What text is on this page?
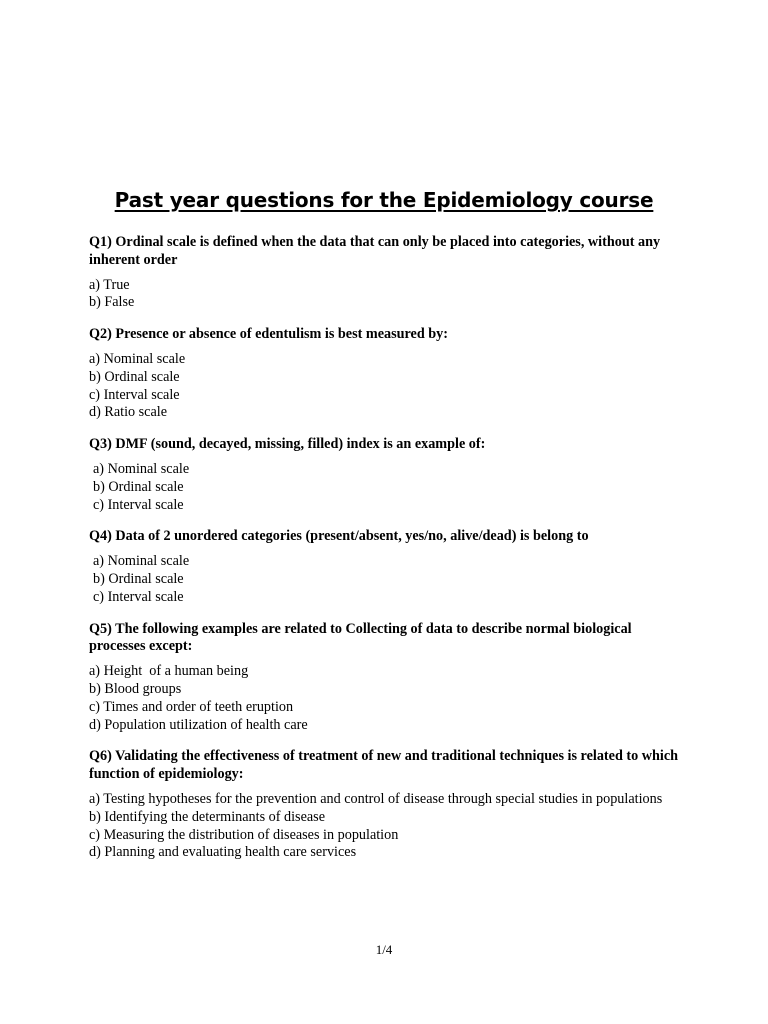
Past year questions for the Epidemiology course
Q1) Ordinal scale is defined when the data that can only be placed into categories, without any inherent order
a) True
b) False
Q2) Presence or absence of edentulism is best measured by:
a) Nominal scale
b) Ordinal scale
c) Interval scale
d) Ratio scale
Q3) DMF (sound, decayed, missing, filled) index is an example of:
a) Nominal scale
b) Ordinal scale
c) Interval scale
Q4) Data of 2 unordered categories (present/absent, yes/no, alive/dead) is belong to
a) Nominal scale
b) Ordinal scale
c) Interval scale
Q5) The following examples are related to Collecting of data to describe normal biological processes except:
a) Height  of a human being
b) Blood groups
c) Times and order of teeth eruption
d) Population utilization of health care
Q6) Validating the effectiveness of treatment of new and traditional techniques is related to which function of epidemiology:
a) Testing hypotheses for the prevention and control of disease through special studies in populations
b) Identifying the determinants of disease
c) Measuring the distribution of diseases in population
d) Planning and evaluating health care services
1/4
